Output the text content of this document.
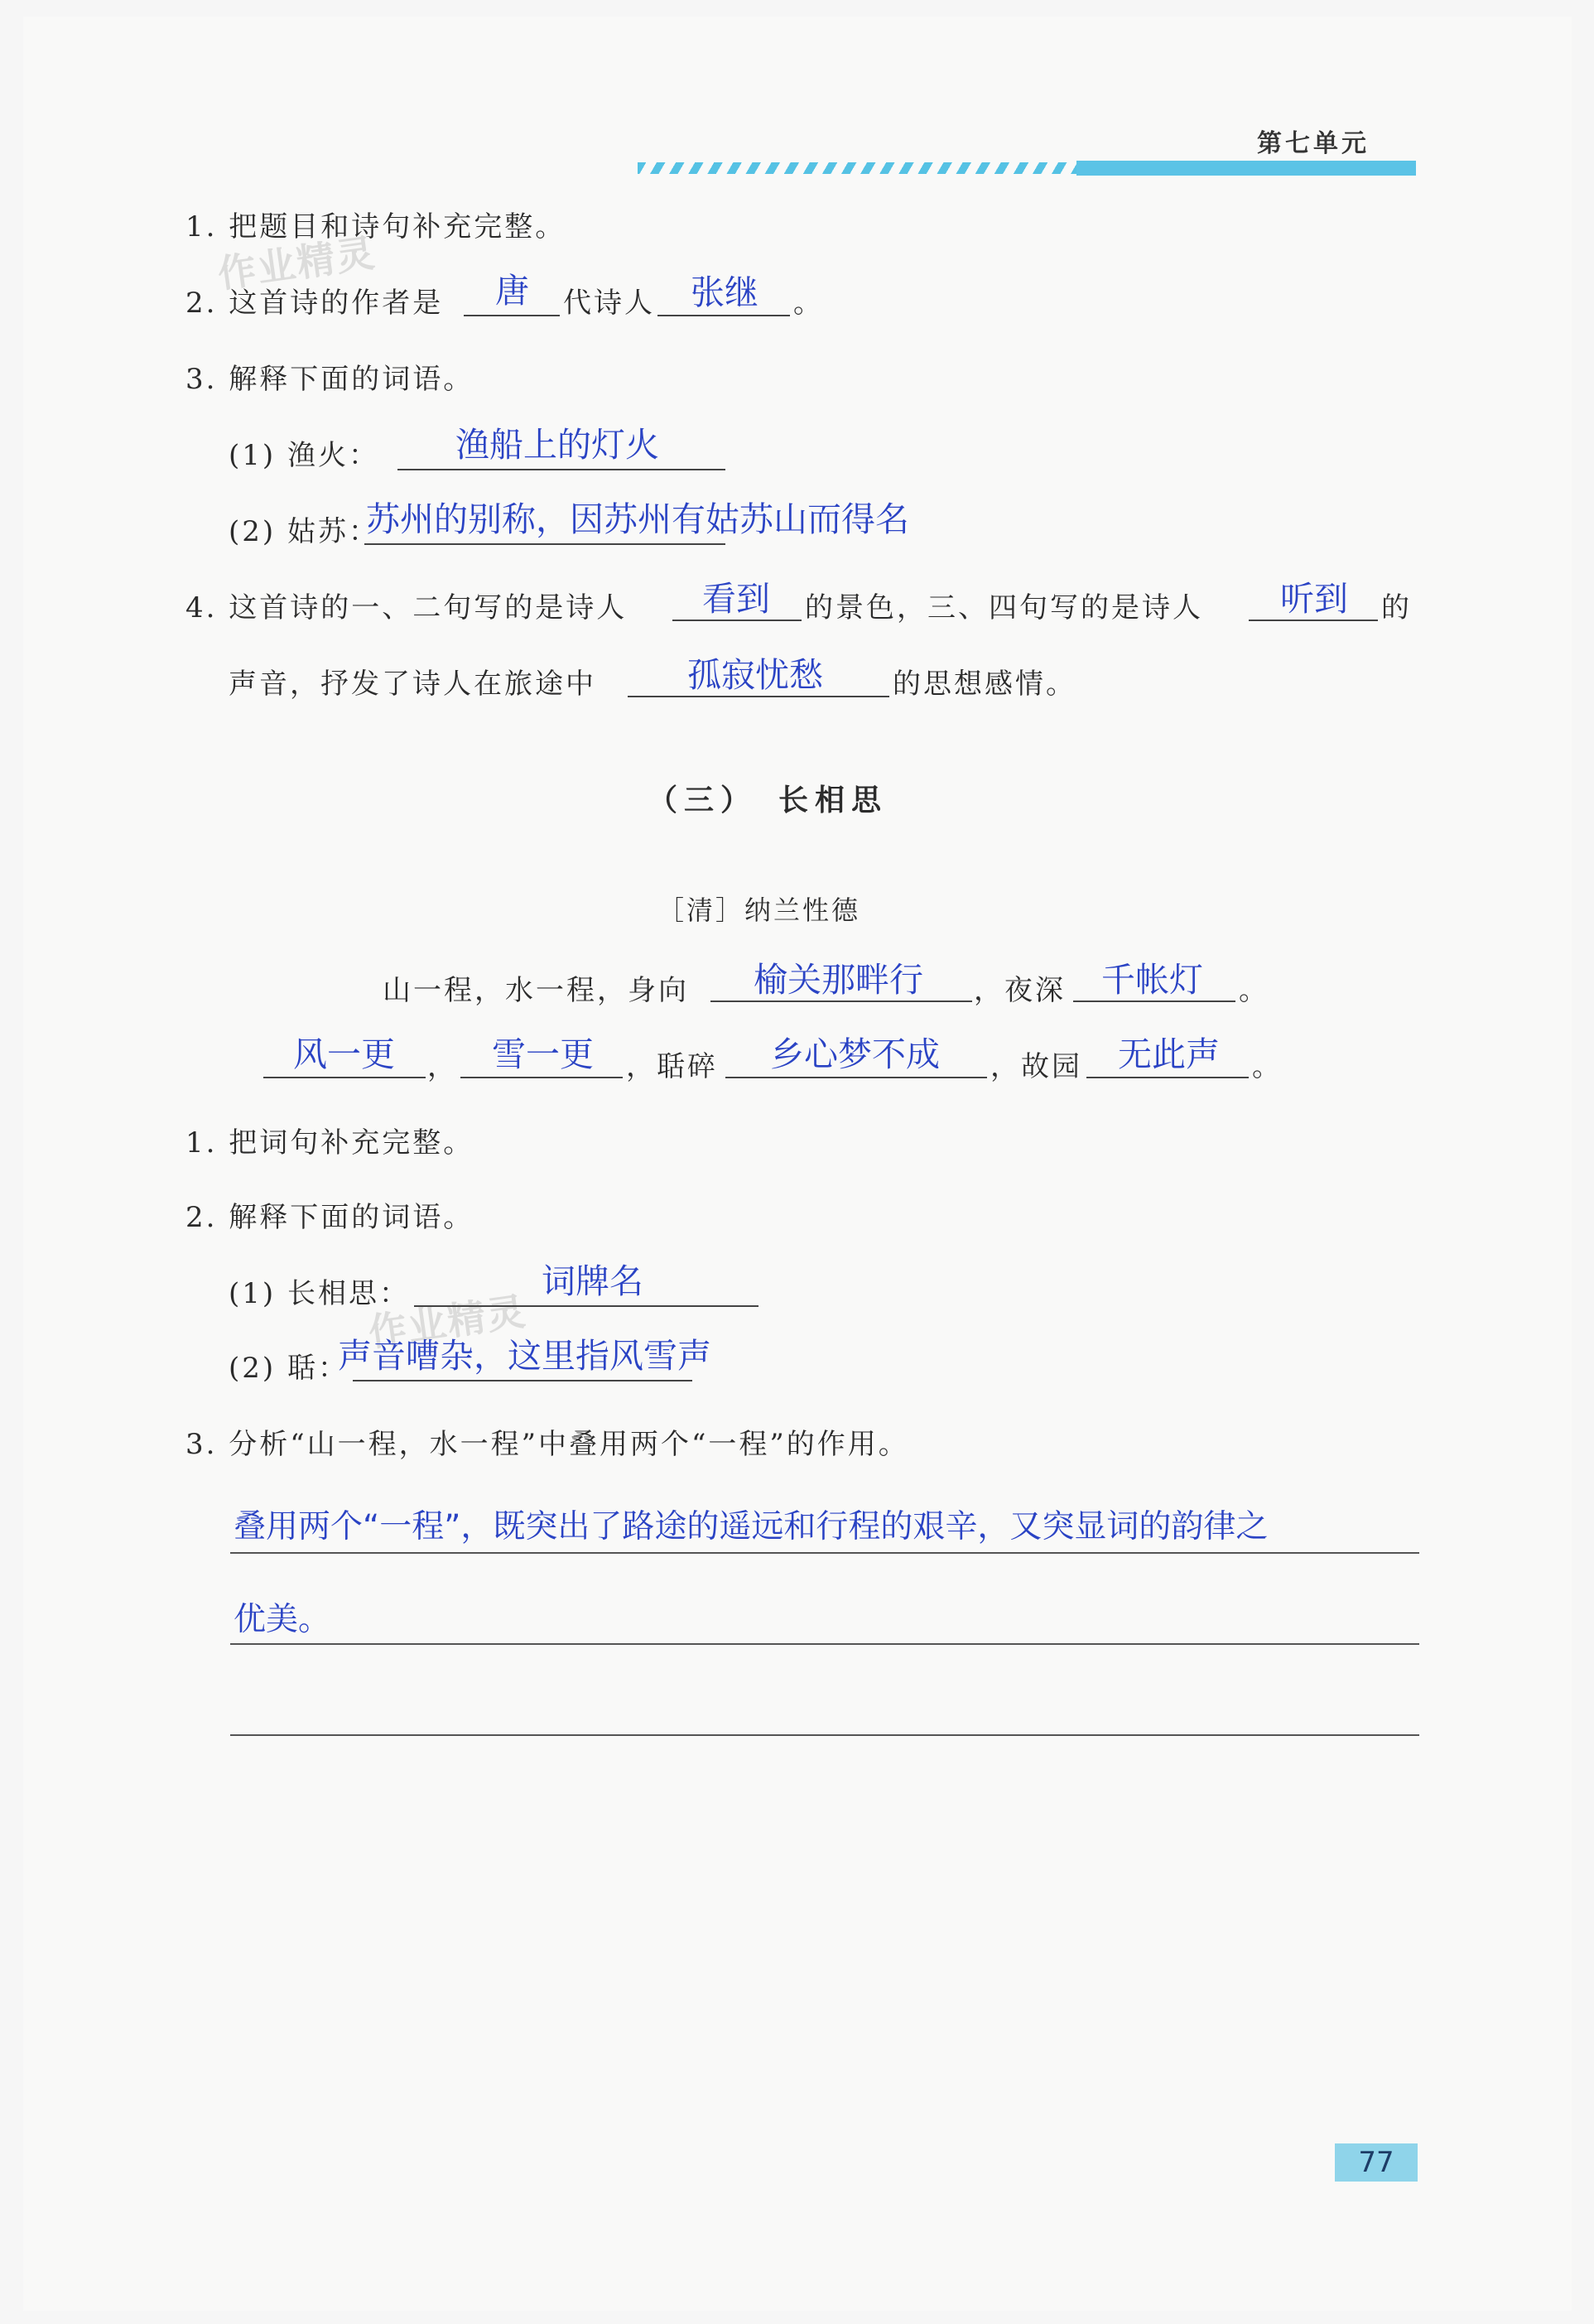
第七单元
作业精灵
作业精灵
1. 把题目和诗句补充完整。
2. 这首诗的作者是 唐 代诗人 张继 。
3. 解释下面的词语。
(1) 渔火： 渔船上的灯火
(2) 姑苏：
苏州的别称，因苏州有姑苏山而得名
4. 这首诗的一、二句写的是诗人 看到 的景色，三、四句写的是诗人 听到 的
声音，抒发了诗人在旅途中	孤寂忧愁 的思想感情。
（三）　长相思
［清］纳兰性德
山一程，水一程，身向 榆关那畔行 ，夜深 千帐灯 。
风一更 ， 雪一更 ，聒碎 乡心梦不成 ，故园 无此声 。
1. 把词句补充完整。
2. 解释下面的词语。
(1) 长相思：	词牌名
(2) 聒：
声音嘈杂，这里指风雪声
3. 分析“山一程，水一程”中叠用两个“一程”的作用。
叠用两个“一程”，既突出了路途的遥远和行程的艰辛，又突显词的韵律之
优美。
77
